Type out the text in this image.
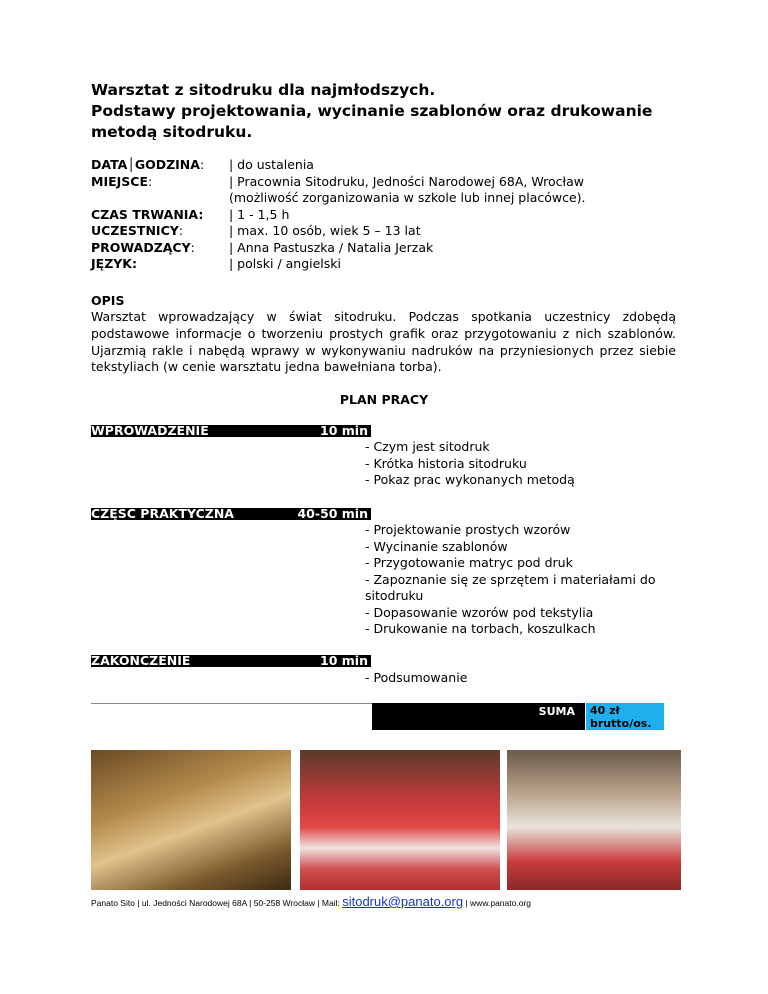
Warsztat z sitodruku dla najmłodszych.
Podstawy projektowania, wycinanie szablonów oraz drukowanie
metodą sitodruku.
DATA│GODZINA:	| do ustalenia
MIEJSCE:	| Pracownia Sitodruku, Jedności Narodowej 68A, Wrocław
(możliwość zorganizowania w szkole lub innej placówce).
CZAS TRWANIA:	| 1 - 1,5 h
UCZESTNICY:	| max. 10 osób, wiek 5 – 13 lat
PROWADZĄCY:	| Anna Pastuszka / Natalia Jerzak
JĘZYK:	| polski / angielski
OPIS
Warsztat wprowadzający w świat sitodruku. Podczas spotkania uczestnicy zdobędą podstawowe informacje o tworzeniu prostych grafik oraz przygotowaniu z nich szablonów. Ujarzmią rakle i nabędą wprawy w wykonywaniu nadruków na przyniesionych przez siebie tekstyliach (w cenie warsztatu jedna bawełniana torba).
PLAN PRACY
WPROWADZENIE	10 min
- Czym jest sitodruk
- Krótka historia sitodruku
- Pokaz prac wykonanych metodą
CZĘŚĆ PRAKTYCZNA	40-50 min
- Projektowanie prostych wzorów
- Wycinanie szablonów
- Przygotowanie matryc pod druk
- Zapoznanie się ze sprzętem i materiałami do sitodruku
- Dopasowanie wzorów pod tekstylia
- Drukowanie na torbach, koszulkach
ZAKOŃCZENIE	10 min
- Podsumowanie
SUMA 40 zł
brutto/os.
Panato Sito | ul. Jedności Narodowej 68A | 50-258 Wrocław | Mail: sitodruk@panato.org | www.panato.org
